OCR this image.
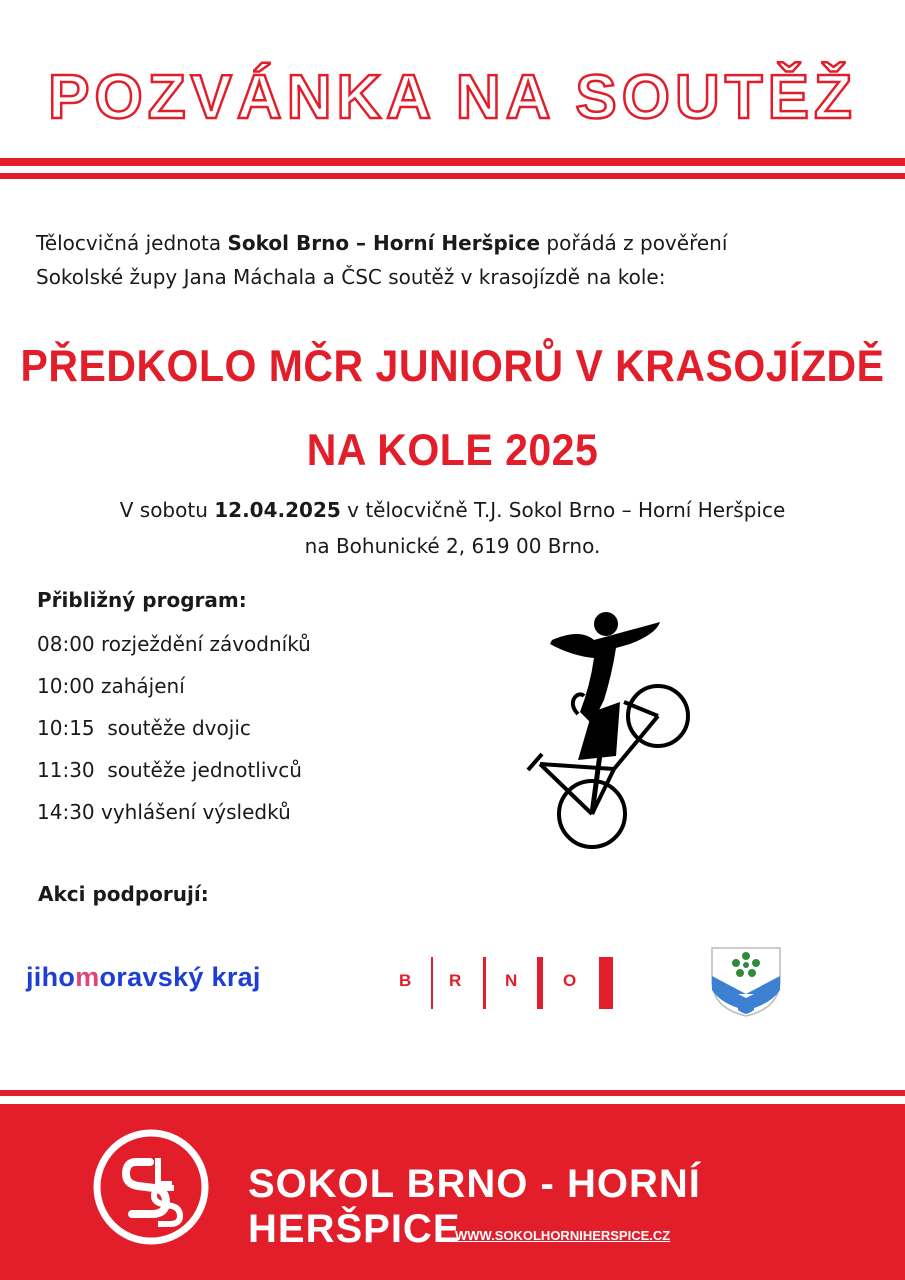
POZVÁNKA NA SOUTĚŽ
Tělocvičná jednota Sokol Brno – Horní Heršpice pořádá z pověření
Sokolské župy Jana Máchala a ČSC soutěž v krasojízdě na kole:
PŘEDKOLO MČR JUNIORŮ V KRASOJÍZDĚ
NA KOLE 2025
V sobotu 12.04.2025 v tělocvičně T.J. Sokol Brno – Horní Heršpice
na Bohunické 2, 619 00 Brno.
Přibližný program:
08:00 rozježdění závodníků
10:00 zahájení
10:15  soutěže dvojic
11:30  soutěže jednotlivců
14:30 vyhlášení výsledků
Akci podporují:
jihomoravský kraj	B R	N	O
SOKOL BRNO - HORNÍ HERŠPICE
WWW.SOKOLHORNIHERSPICE.CZ
